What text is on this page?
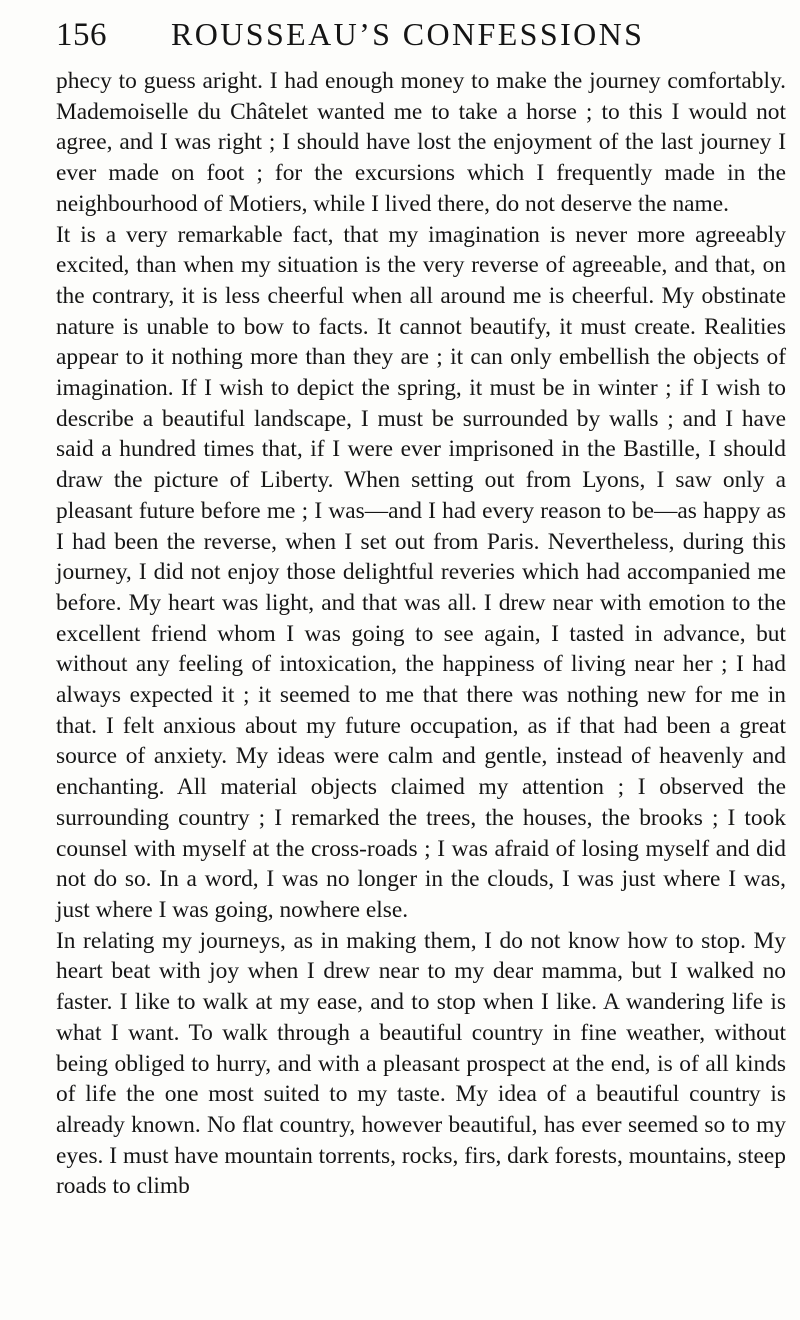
156	ROUSSEAU’S CONFESSIONS

phecy to guess aright. I had enough money to make the journey comfortably. Mademoiselle du Châtelet wanted me to take a horse ; to this I would not agree, and I was right ; I should have lost the enjoyment of the last journey I ever made on foot ; for the excursions which I frequently made in the neighbourhood of Motiers, while I lived there, do not deserve the name.

It is a very remarkable fact, that my imagination is never more agreeably excited, than when my situation is the very reverse of agreeable, and that, on the contrary, it is less cheerful when all around me is cheerful. My obstinate nature is unable to bow to facts. It cannot beautify, it must create. Realities appear to it nothing more than they are ; it can only embellish the objects of imagination. If I wish to depict the spring, it must be in winter ; if I wish to describe a beautiful landscape, I must be surrounded by walls ; and I have said a hundred times that, if I were ever imprisoned in the Bastille, I should draw the picture of Liberty. When setting out from Lyons, I saw only a pleasant future before me ; I was—and I had every reason to be—as happy as I had been the reverse, when I set out from Paris. Nevertheless, during this journey, I did not enjoy those delightful reveries which had accompanied me before. My heart was light, and that was all. I drew near with emotion to the excellent friend whom I was going to see again, I tasted in advance, but without any feeling of intoxication, the happiness of living near her ; I had always expected it ; it seemed to me that there was nothing new for me in that. I felt anxious about my future occupation, as if that had been a great source of anxiety. My ideas were calm and gentle, instead of heavenly and enchanting. All material objects claimed my attention ; I observed the surrounding country ; I remarked the trees, the houses, the brooks ; I took counsel with myself at the cross-roads ; I was afraid of losing myself and did not do so. In a word, I was no longer in the clouds, I was just where I was, just where I was going, nowhere else.

In relating my journeys, as in making them, I do not know how to stop. My heart beat with joy when I drew near to my dear mamma, but I walked no faster. I like to walk at my ease, and to stop when I like. A wandering life is what I want. To walk through a beautiful country in fine weather, without being obliged to hurry, and with a pleasant prospect at the end, is of all kinds of life the one most suited to my taste. My idea of a beautiful country is already known. No flat country, however beautiful, has ever seemed so to my eyes. I must have mountain torrents, rocks, firs, dark forests, mountains, steep roads to climb
